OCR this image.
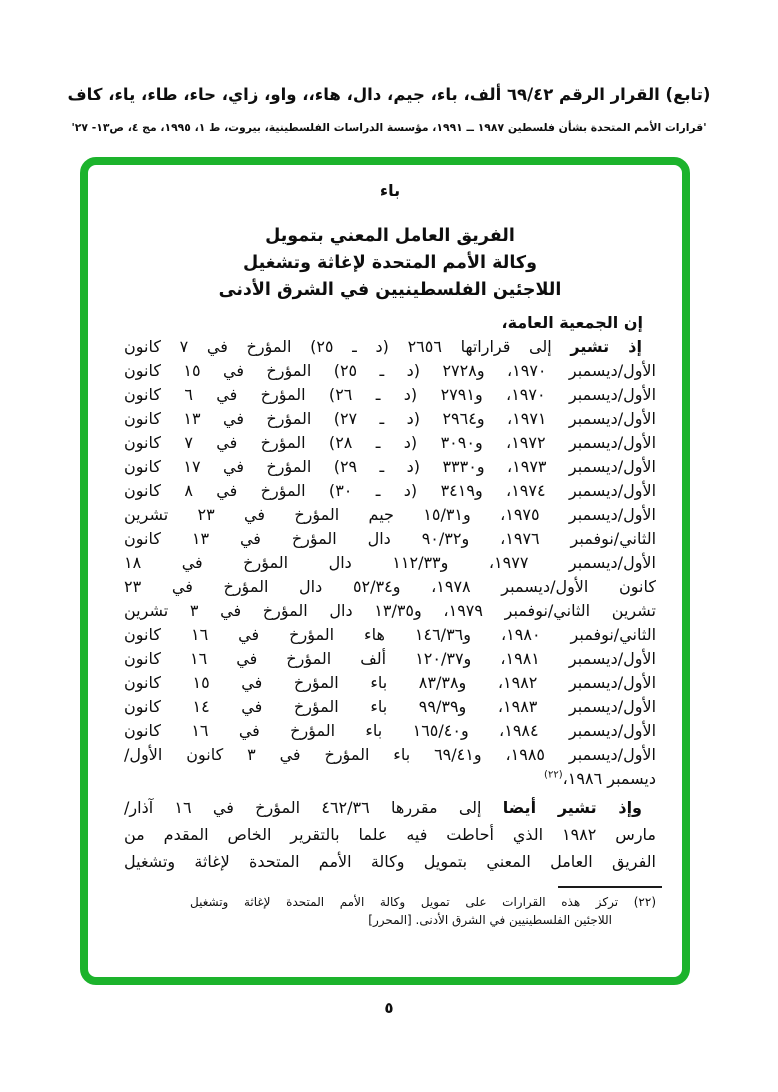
(تابع) القرار الرقم ٦٩/٤٢ ألف، باء، جيم، دال، هاء،، واو، زاي، حاء، طاء، ياء، كاف
'قرارات الأمم المتحدة بشأن فلسطين ١٩٨٧ ــ ١٩٩١، مؤسسة الدراسات الفلسطينية، بيروت، ط ١، ١٩٩٥، مج ٤، ص١٣- ٢٧'
باء
الفريق العامل المعني بتمويل
وكالة الأمم المتحدة لإغاثة وتشغيل
اللاجئين الفلسطينيين في الشرق الأدنى
إن الجمعية العامة،
إذ تشير إلى قراراتها ٢٦٥٦ (د ـ ٢٥) المؤرخ في ٧ كانون
الأول/ديسمبر ١٩٧٠، و٢٧٢٨ (د ـ ٢٥) المؤرخ في ١٥ كانون
الأول/ديسمبر ١٩٧٠، و٢٧٩١ (د ـ ٢٦) المؤرخ في ٦ كانون
الأول/ديسمبر ١٩٧١، و٢٩٦٤ (د ـ ٢٧) المؤرخ في ١٣ كانون
الأول/ديسمبر ١٩٧٢، و٣٠٩٠ (د ـ ٢٨) المؤرخ في ٧ كانون
الأول/ديسمبر ١٩٧٣، و٣٣٣٠ (د ـ ٢٩) المؤرخ في ١٧ كانون
الأول/ديسمبر ١٩٧٤، و٣٤١٩ (د ـ ٣٠) المؤرخ في ٨ كانون
الأول/ديسمبر ١٩٧٥، و١٥/٣١ جيم المؤرخ في ٢٣ تشرين
الثاني/نوفمبر ١٩٧٦، و٩٠/٣٢ دال المؤرخ في ١٣ كانون
الأول/ديسمبر ١٩٧٧، و١١٢/٣٣ دال المؤرخ في ١٨
كانون الأول/ديسمبر ١٩٧٨، و٥٢/٣٤ دال المؤرخ في ٢٣
تشرين الثاني/نوفمبر ١٩٧٩، و١٣/٣٥ دال المؤرخ في ٣ تشرين
الثاني/نوفمبر ١٩٨٠، و١٤٦/٣٦ هاء المؤرخ في ١٦ كانون
الأول/ديسمبر ١٩٨١، و١٢٠/٣٧ ألف المؤرخ في ١٦ كانون
الأول/ديسمبر ١٩٨٢، و٨٣/٣٨ باء المؤرخ في ١٥ كانون
الأول/ديسمبر ١٩٨٣، و٩٩/٣٩ باء المؤرخ في ١٤ كانون
الأول/ديسمبر ١٩٨٤، و١٦٥/٤٠ باء المؤرخ في ١٦ كانون
الأول/ديسمبر ١٩٨٥، و٦٩/٤١ باء المؤرخ في ٣ كانون الأول/
ديسمبر ١٩٨٦،$^{(٢٢)}$
وإذ تشير أيضا إلى مقررها ٤٦٢/٣٦ المؤرخ في ١٦ آذار/
مارس ١٩٨٢ الذي أحاطت فيه علما بالتقرير الخاص المقدم من
الفريق العامل المعني بتمويل وكالة الأمم المتحدة لإغاثة وتشغيل
(٢٢) تركز هذه القرارات على تمويل وكالة الأمم المتحدة لإغاثة وتشغيل
اللاجئين الفلسطينيين في الشرق الأدنى. [المحرر]
٥
